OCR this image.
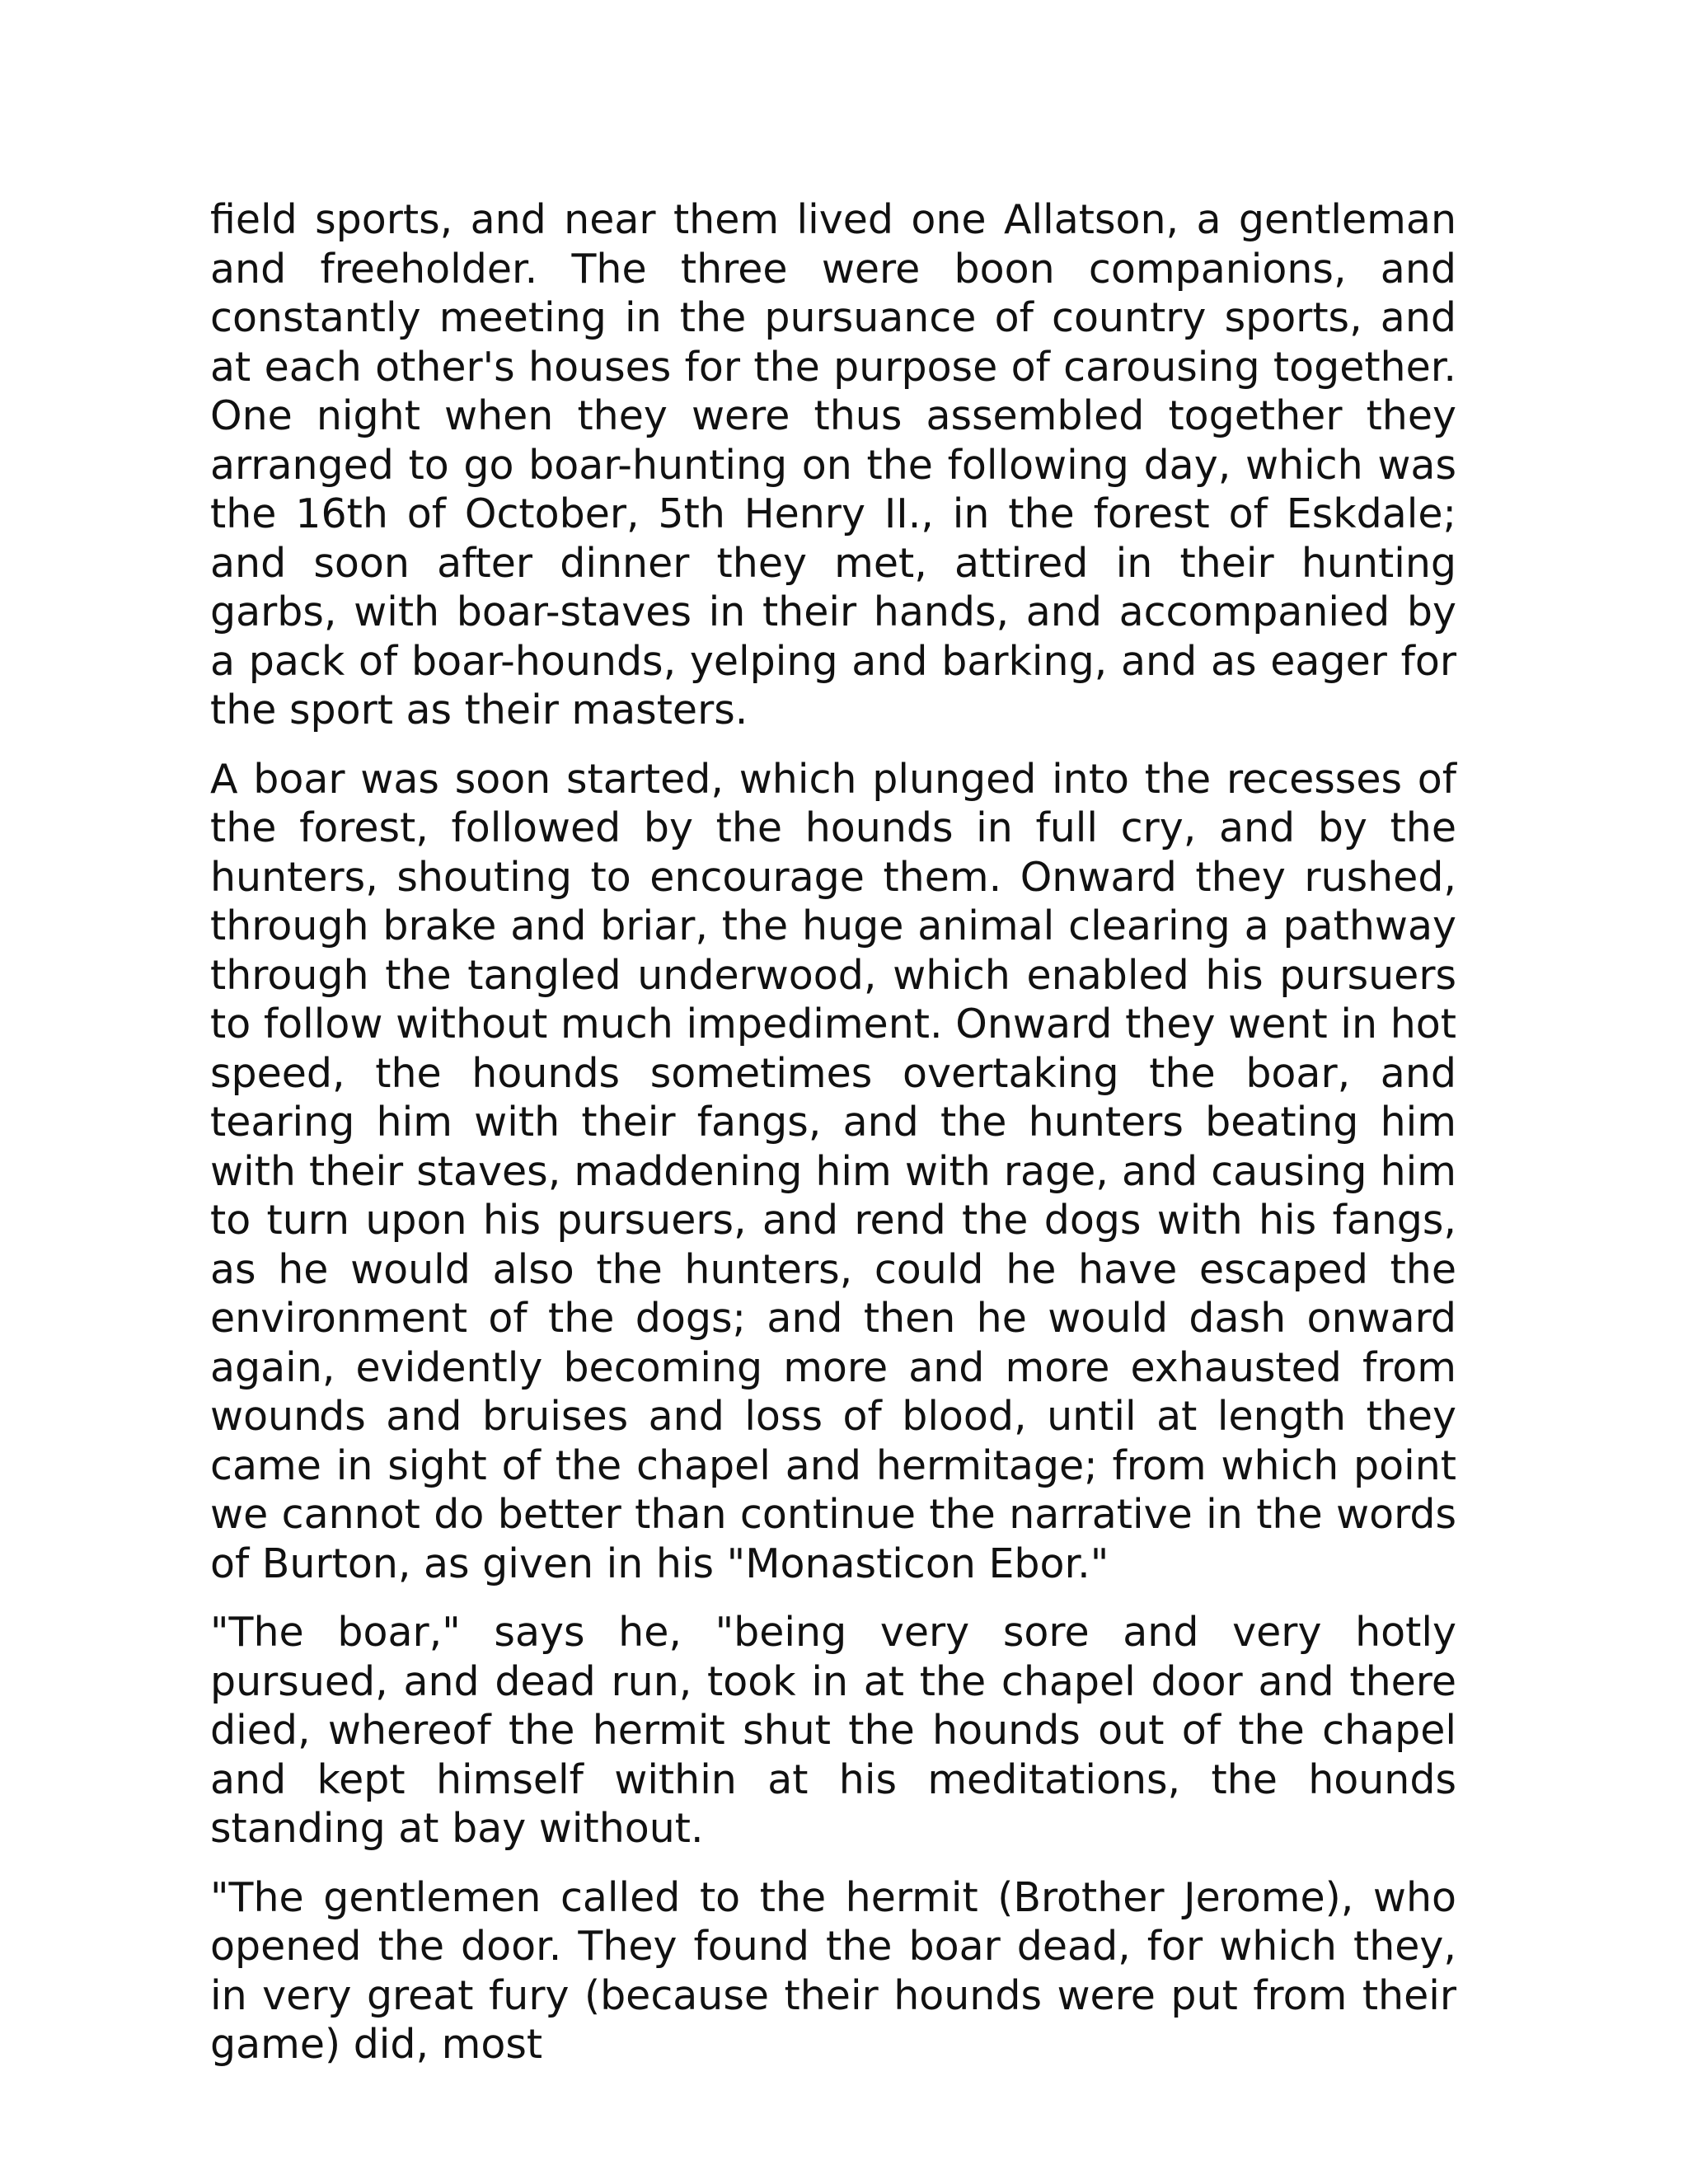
field sports, and near them lived one Allatson, a gentleman and freeholder. The three were boon companions, and constantly meeting in the pursuance of country sports, and at each other's houses for the purpose of carousing together. One night when they were thus assembled together they arranged to go boar-hunting on the following day, which was the 16th of October, 5th Henry II., in the forest of Eskdale; and soon after dinner they met, attired in their hunting garbs, with boar-staves in their hands, and accompanied by a pack of boar-hounds, yelping and barking, and as eager for the sport as their masters.

A boar was soon started, which plunged into the recesses of the forest, followed by the hounds in full cry, and by the hunters, shouting to encourage them. Onward they rushed, through brake and briar, the huge animal clearing a pathway through the tangled underwood, which enabled his pursuers to follow without much impediment. Onward they went in hot speed, the hounds sometimes overtaking the boar, and tearing him with their fangs, and the hunters beating him with their staves, maddening him with rage, and causing him to turn upon his pursuers, and rend the dogs with his fangs, as he would also the hunters, could he have escaped the environment of the dogs; and then he would dash onward again, evidently becoming more and more exhausted from wounds and bruises and loss of blood, until at length they came in sight of the chapel and hermitage; from which point we cannot do better than continue the narrative in the words of Burton, as given in his "Monasticon Ebor."

"The boar," says he, "being very sore and very hotly pursued, and dead run, took in at the chapel door and there died, whereof the hermit shut the hounds out of the chapel and kept himself within at his meditations, the hounds standing at bay without.

"The gentlemen called to the hermit (Brother Jerome), who opened the door. They found the boar dead, for which they, in very great fury (because their hounds were put from their game) did, most
